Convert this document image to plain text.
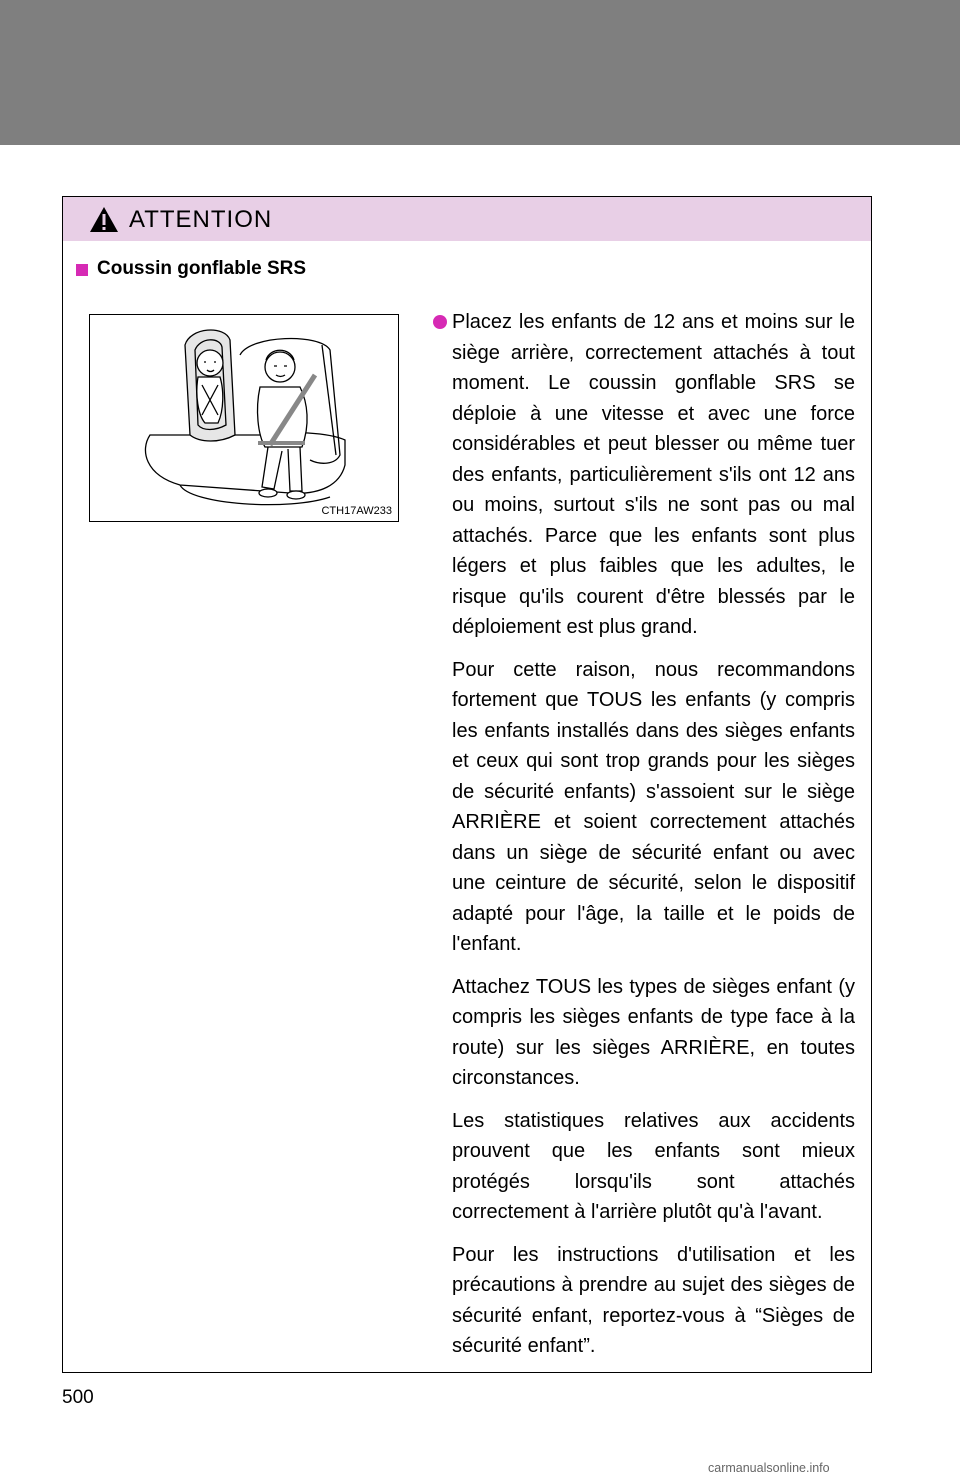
ATTENTION
Coussin gonflable SRS
CTH17AW233

Placez les enfants de 12 ans et moins sur le siège arrière, correctement attachés à tout moment. Le coussin gonflable SRS se déploie à une vitesse et avec une force considérables et peut blesser ou même tuer des enfants, particulièrement s'ils ont 12 ans ou moins, surtout s'ils ne sont pas ou mal attachés. Parce que les enfants sont plus légers et plus faibles que les adultes, le risque qu'ils courent d'être blessés par le déploiement est plus grand.

Pour cette raison, nous recommandons fortement que TOUS les enfants (y compris les enfants installés dans des sièges enfants et ceux qui sont trop grands pour les sièges de sécurité enfants) s'assoient sur le siège ARRIÈRE et soient correctement attachés dans un siège de sécurité enfant ou avec une ceinture de sécurité, selon le dispositif adapté pour l'âge, la taille et le poids de l'enfant.

Attachez TOUS les types de sièges enfant (y compris les sièges enfants de type face à la route) sur les sièges ARRIÈRE, en toutes circonstances.

Les statistiques relatives aux accidents prouvent que les enfants sont mieux protégés lorsqu'ils sont attachés correctement à l'arrière plutôt qu'à l'avant.

Pour les instructions d'utilisation et les précautions à prendre au sujet des sièges de sécurité enfant, reportez-vous à “Sièges de sécurité enfant”.

500
carmanualsonline.info
